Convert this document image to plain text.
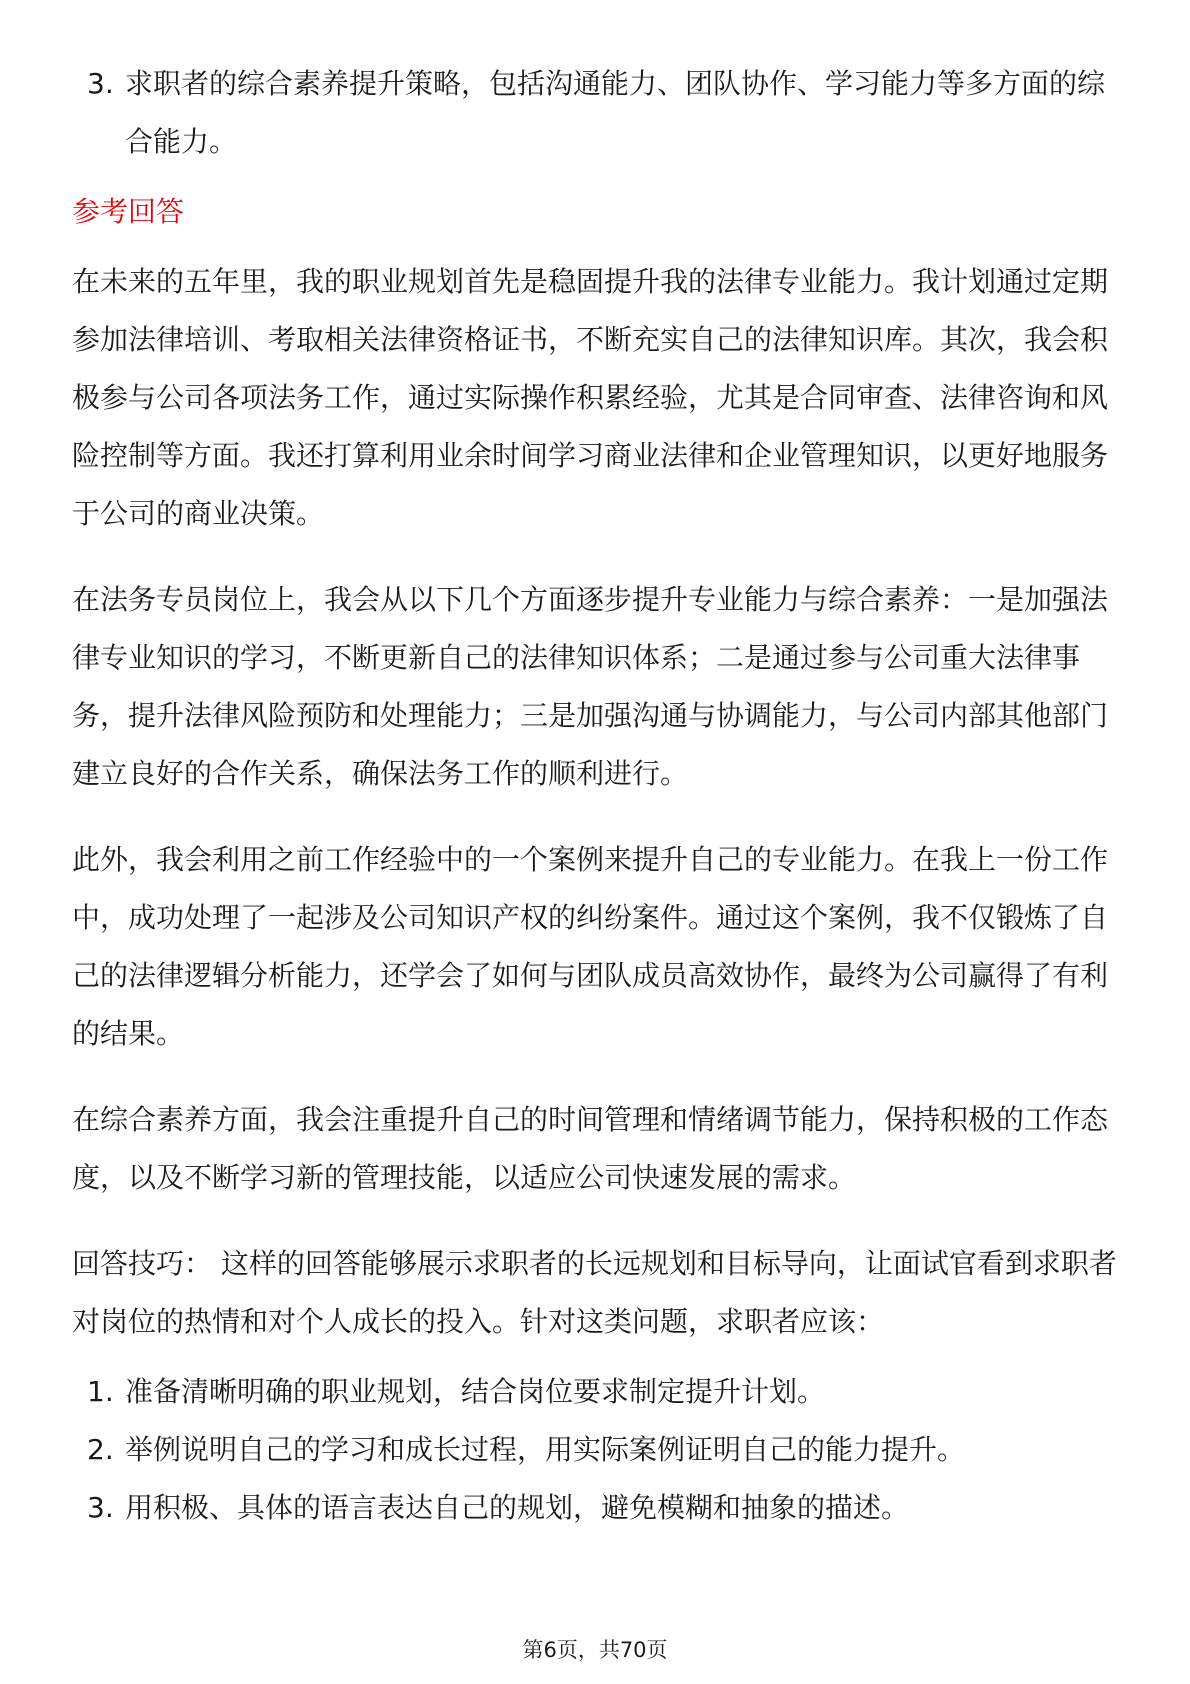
3. 求职者的综合素养提升策略，包括沟通能力、团队协作、学习能力等多方面的综合能力。
参考回答

在未来的五年里，我的职业规划首先是稳固提升我的法律专业能力。我计划通过定期参加法律培训、考取相关法律资格证书，不断充实自己的法律知识库。其次，我会积极参与公司各项法务工作，通过实际操作积累经验，尤其是合同审查、法律咨询和风险控制等方面。我还打算利用业余时间学习商业法律和企业管理知识，以更好地服务于公司的商业决策。

在法务专员岗位上，我会从以下几个方面逐步提升专业能力与综合素养：一是加强法律专业知识的学习，不断更新自己的法律知识体系；二是通过参与公司重大法律事务，提升法律风险预防和处理能力；三是加强沟通与协调能力，与公司内部其他部门建立良好的合作关系，确保法务工作的顺利进行。

此外，我会利用之前工作经验中的一个案例来提升自己的专业能力。在我上一份工作中，成功处理了一起涉及公司知识产权的纠纷案件。通过这个案例，我不仅锻炼了自己的法律逻辑分析能力，还学会了如何与团队成员高效协作，最终为公司赢得了有利的结果。

在综合素养方面，我会注重提升自己的时间管理和情绪调节能力，保持积极的工作态度，以及不断学习新的管理技能，以适应公司快速发展的需求。

回答技巧： 这样的回答能够展示求职者的长远规划和目标导向，让面试官看到求职者对岗位的热情和对个人成长的投入。针对这类问题，求职者应该：

1. 准备清晰明确的职业规划，结合岗位要求制定提升计划。
2. 举例说明自己的学习和成长过程，用实际案例证明自己的能力提升。
3. 用积极、具体的语言表达自己的规划，避免模糊和抽象的描述。
第6页，共70页
